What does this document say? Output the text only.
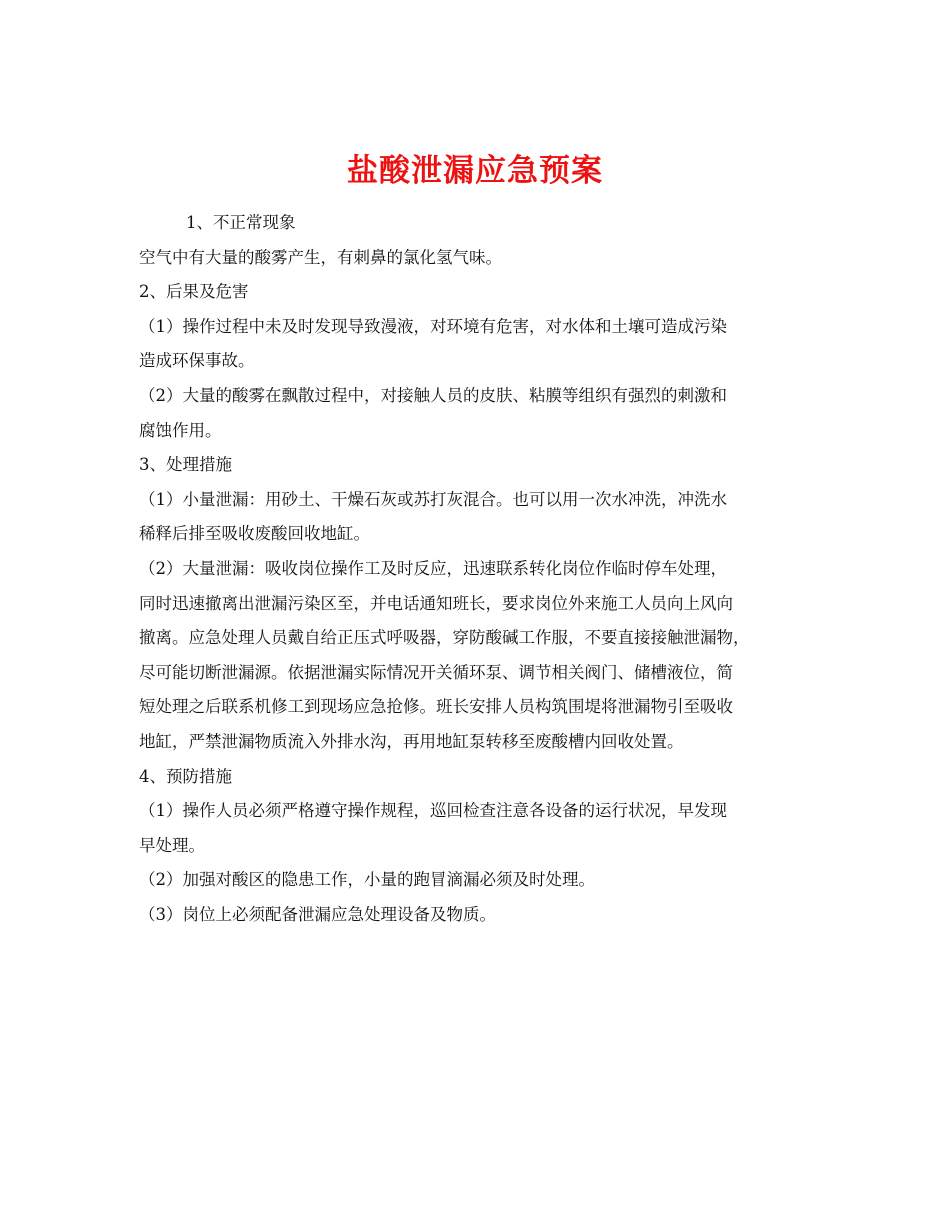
盐酸泄漏应急预案

1、不正常现象

空气中有大量的酸雾产生，有刺鼻的氯化氢气味。

2、后果及危害

（1）操作过程中未及时发现导致漫液，对环境有危害，对水体和土壤可造成污染

造成环保事故。

（2）大量的酸雾在飘散过程中，对接触人员的皮肤、粘膜等组织有强烈的刺激和

腐蚀作用。

3、处理措施

（1）小量泄漏：用砂土、干燥石灰或苏打灰混合。也可以用一次水冲洗，冲洗水

稀释后排至吸收废酸回收地缸。

（2）大量泄漏：吸收岗位操作工及时反应，迅速联系转化岗位作临时停车处理，

同时迅速撤离出泄漏污染区至，并电话通知班长，要求岗位外来施工人员向上风向

撤离。应急处理人员戴自给正压式呼吸器，穿防酸碱工作服，不要直接接触泄漏物，

尽可能切断泄漏源。依据泄漏实际情况开关循环泵、调节相关阀门、储槽液位，简

短处理之后联系机修工到现场应急抢修。班长安排人员构筑围堤将泄漏物引至吸收

地缸，严禁泄漏物质流入外排水沟，再用地缸泵转移至废酸槽内回收处置。

4、预防措施

（1）操作人员必须严格遵守操作规程，巡回检查注意各设备的运行状况，早发现

早处理。

（2）加强对酸区的隐患工作，小量的跑冒滴漏必须及时处理。

（3）岗位上必须配备泄漏应急处理设备及物质。
